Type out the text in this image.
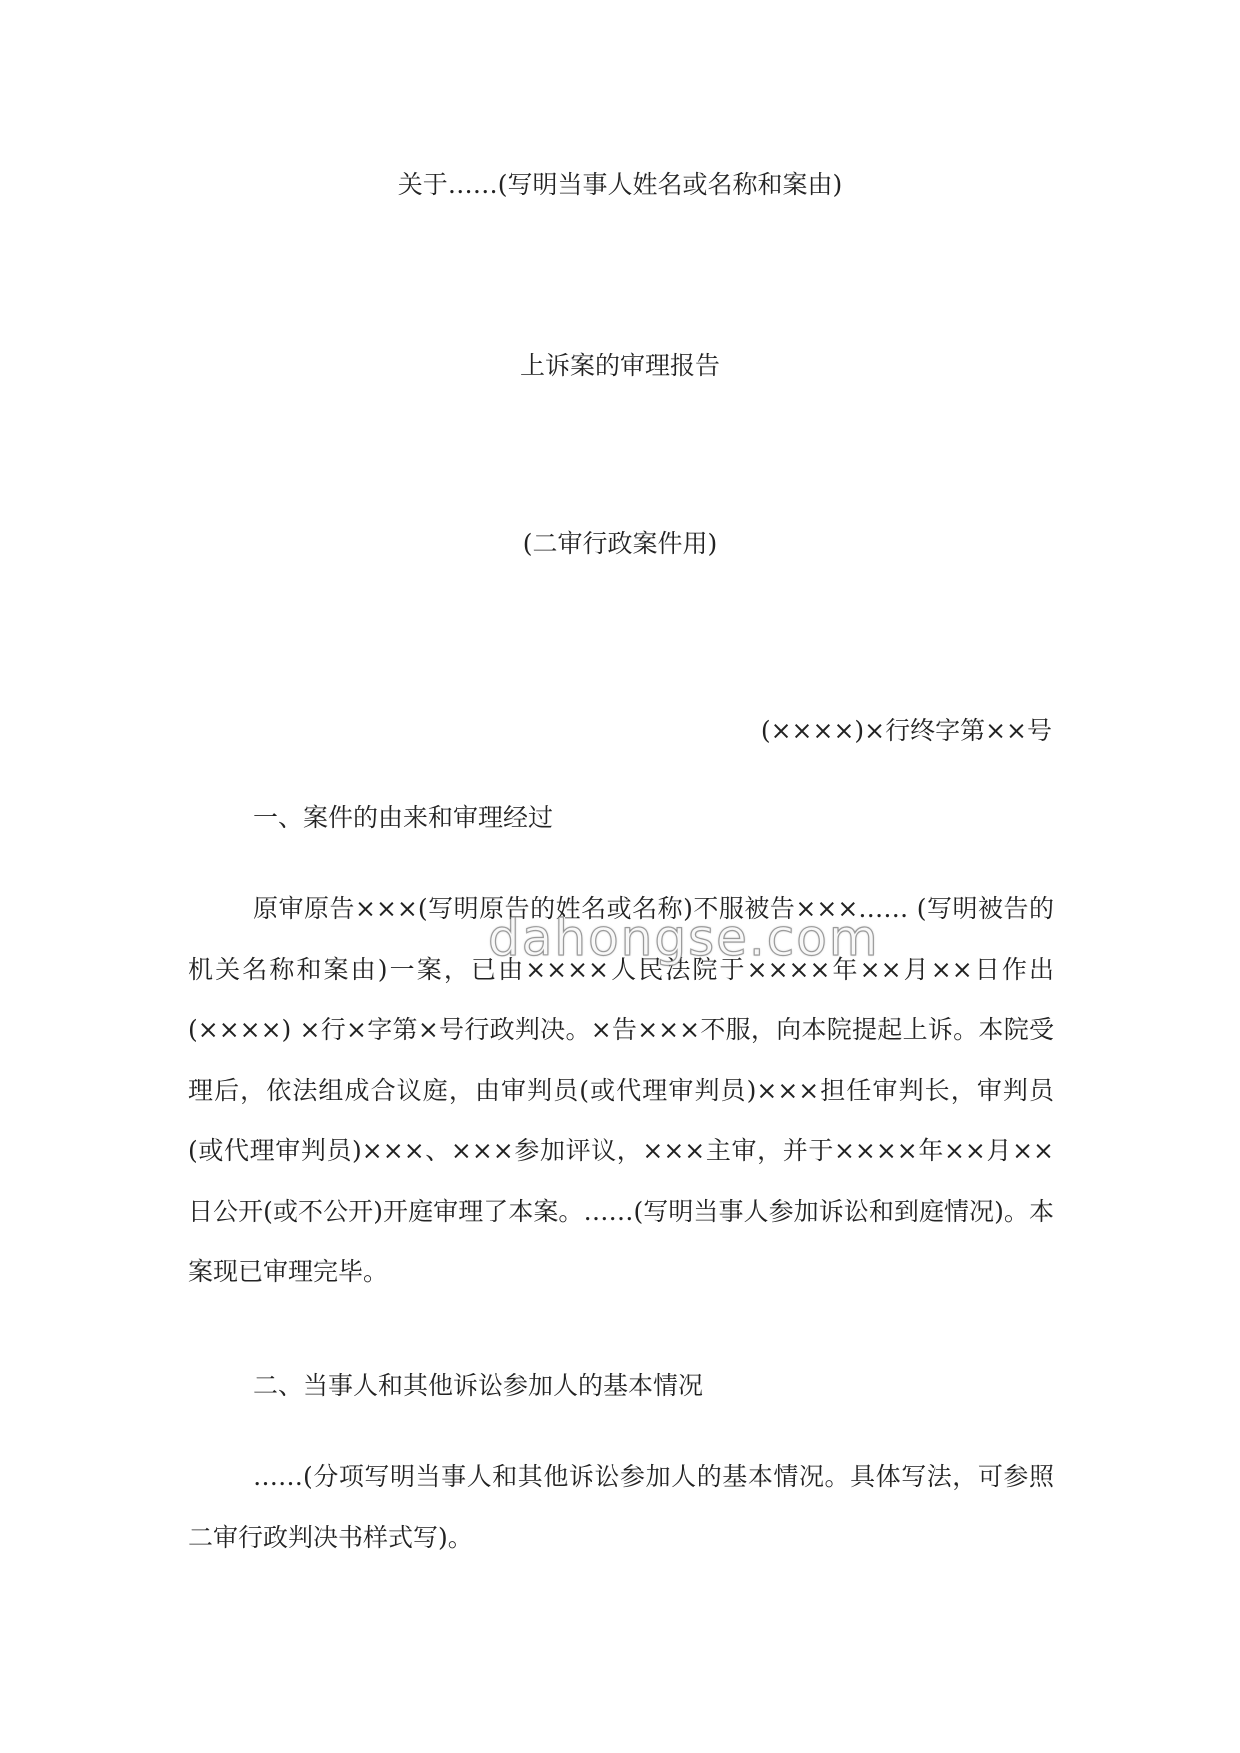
关于……(写明当事人姓名或名称和案由)
上诉案的审理报告
(二审行政案件用)
(××××)×行终字第××号
一、案件的由来和审理经过
原审原告×××(写明原告的姓名或名称)不服被告×××…… (写明被告的机关名称和案由)一案，已由××××人民法院于××××年××月××日作出(××××) ×行×字第×号行政判决。×告×××不服，向本院提起上诉。本院受理后，依法组成合议庭，由审判员(或代理审判员)×××担任审判长，审判员(或代理审判员)×××、×××参加评议，×××主审，并于××××年××月××日公开(或不公开)开庭审理了本案。……(写明当事人参加诉讼和到庭情况)。本案现已审理完毕。
二、当事人和其他诉讼参加人的基本情况
……(分项写明当事人和其他诉讼参加人的基本情况。具体写法，可参照二审行政判决书样式写)。
dahongse.com
